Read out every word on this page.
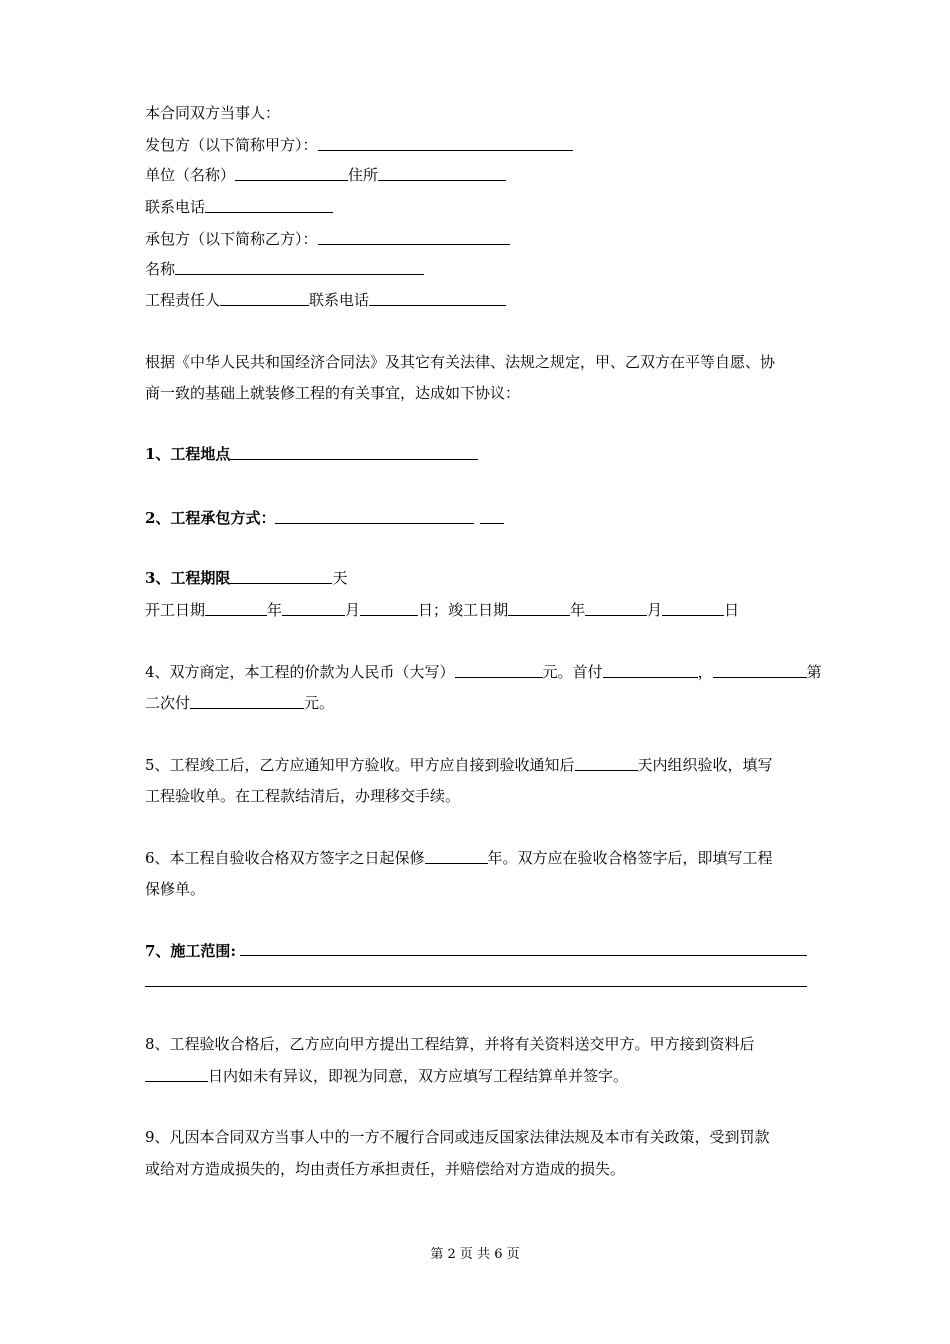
本合同双方当事人：
发包方（以下简称甲方）：
单位（名称）	住所
联系电话
承包方（以下简称乙方）：
名称
工程责任人	联系电话
根据《中华人民共和国经济合同法》及其它有关法律、法规之规定，甲、乙双方在平等自愿、协
商一致的基础上就装修工程的有关事宜，达成如下协议：
1、工程地点
2、工程承包方式：
3、工程期限	天
开工日期	年	月	日；竣工日期	年	月	日
4、双方商定，本工程的价款为人民币（大写）	元。首付	，	第
二次付	元。
5、工程竣工后，乙方应通知甲方验收。甲方应自接到验收通知后	天内组织验收，填写
工程验收单。在工程款结清后，办理移交手续。
6、本工程自验收合格双方签字之日起保修	年。双方应在验收合格签字后，即填写工程
保修单。
7、施工范围:
8、工程验收合格后，乙方应向甲方提出工程结算，并将有关资料送交甲方。甲方接到资料后
日内如未有异议，即视为同意，双方应填写工程结算单并签字。
9、凡因本合同双方当事人中的一方不履行合同或违反国家法律法规及本市有关政策，受到罚款
或给对方造成损失的，均由责任方承担责任，并赔偿给对方造成的损失。
第 2 页 共 6 页
